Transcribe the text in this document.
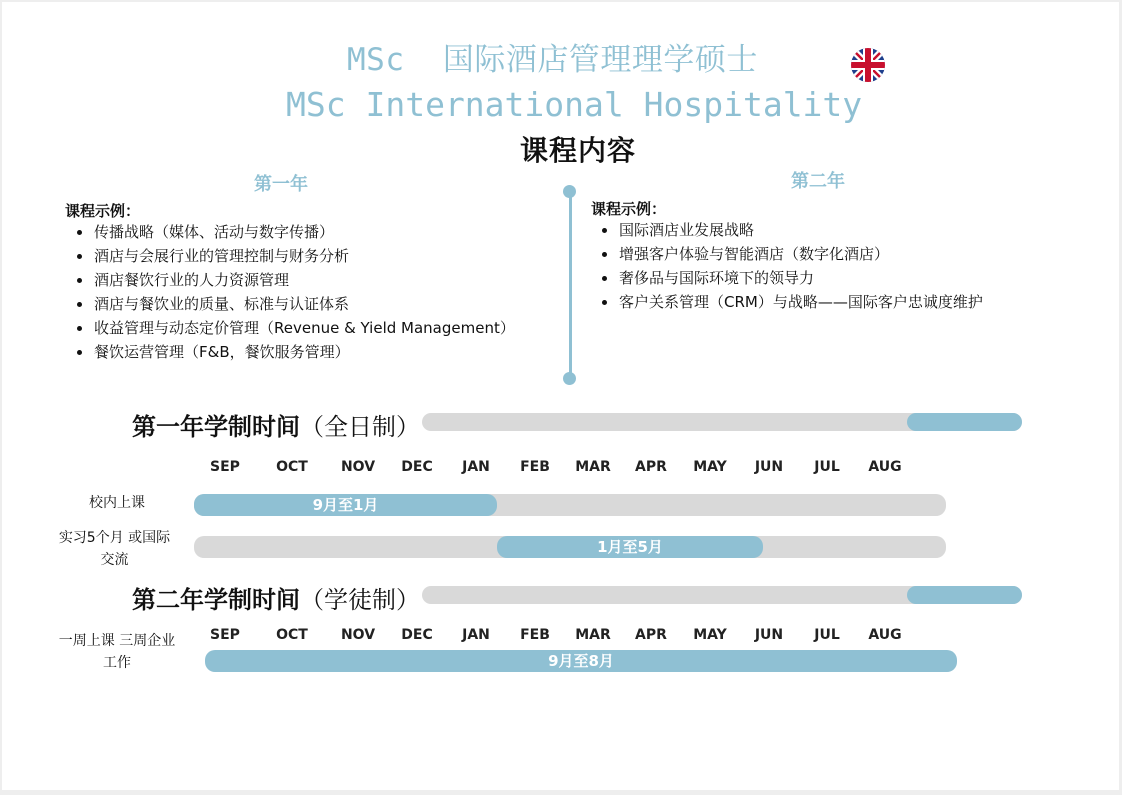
MSc  国际酒店管理理学硕士
MSc International Hospitality
课程内容
第一年
课程示例：
传播战略（媒体、活动与数字传播）
酒店与会展行业的管理控制与财务分析
酒店餐饮行业的人力资源管理
酒店与餐饮业的质量、标准与认证体系
收益管理与动态定价管理（Revenue & Yield Management）
餐饮运营管理（F&B，餐饮服务管理）
第二年
课程示例：
国际酒店业发展战略
增强客户体验与智能酒店（数字化酒店）
奢侈品与国际环境下的领导力
客户关系管理（CRM）与战略——国际客户忠诚度维护
第一年学制时间（全日制）
SEP	OCT	NOV	DEC	JAN	FEB	MAR	APR	MAY	JUN	JUL	AUG
校内上课	9月至1月
实习5个月 或国际交流
1月至5月
第二年学制时间（学徒制）
SEP	OCT	NOV	DEC	JAN	FEB	MAR	APR	MAY	JUN	JUL	AUG
一周上课 三周企业工作	9月至8月
